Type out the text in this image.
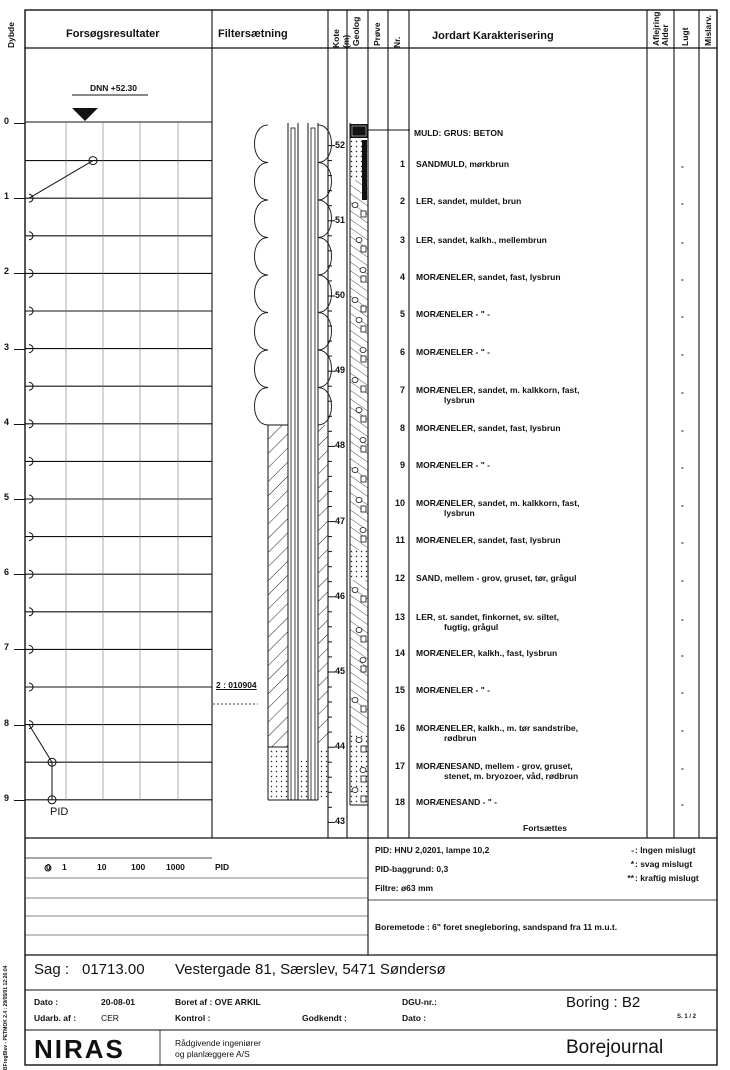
Dybde	Forsøgsresultater	Filtersætning	Kote (m) Geolog Prøve Nr.
Jordart Karakterisering	Aflejring Alder Lugt Mislarv.
DNN +52.30
0
1
2
3
4
5
6
7
8
9
52
51
50
49
48
47
46
45
44
43
2 : 010904
PID
MULD: GRUS: BETON
1 SANDMULD, mørkbrun	-
2 LER, sandet, muldet, brun	-
3 LER, sandet, kalkh., mellembrun	-
4 MORÆNELER, sandet, fast, lysbrun	-
5 MORÆNELER - " -	-
6 MORÆNELER - " -	-
7 MORÆNELER, sandet, m. kalkkorn, fast,
lysbrun
-
8 MORÆNELER, sandet, fast, lysbrun	-
9 MORÆNELER - " -	-
10 MORÆNELER, sandet, m. kalkkorn, fast,
lysbrun
-
11 MORÆNELER, sandet, fast, lysbrun	-
12 SAND, mellem - grov, gruset, tør, grågul	-
13 LER, st. sandet, finkornet, sv. siltet,
fugtig, grågul
-
14 MORÆNELER, kalkh., fast, lysbrun	-
15 MORÆNELER - " -	-
16 MORÆNELER, kalkh., m. tør sandstribe,
rødbrun
-
17 MORÆNESAND, mellem - grov, gruset,
stenet, m. bryozoer, våd, rødbrun
-
18 MORÆNESAND - " -	-
Fortsættes
0 1	10	100 1000	PID
PID: HNU 2,0201, lampe 10,2
PID-baggrund: 0,3
Filtre: ø63 mm
Boremetode : 6" foret snegleboring, sandspand fra 11 m.u.t.
- : Ingen mislugt
* : svag mislugt
** : kraftig mislugt
Sag : 01713.00 Vestergade 81, Særslev, 5471 Søndersø
Dato :	20-08-01	Boret af : OVE ARKIL	DGU-nr.:	Boring : B2
Udarb. af :	CER	Kontrol :	Godkendt :	Dato :	S. 1 / 2
NIRAS	Rådgivende ingeniører
og planlæggere A/S	Borejournal
BFregBlev - PETMOK 2.4 : 29/05/01 12:26:04
